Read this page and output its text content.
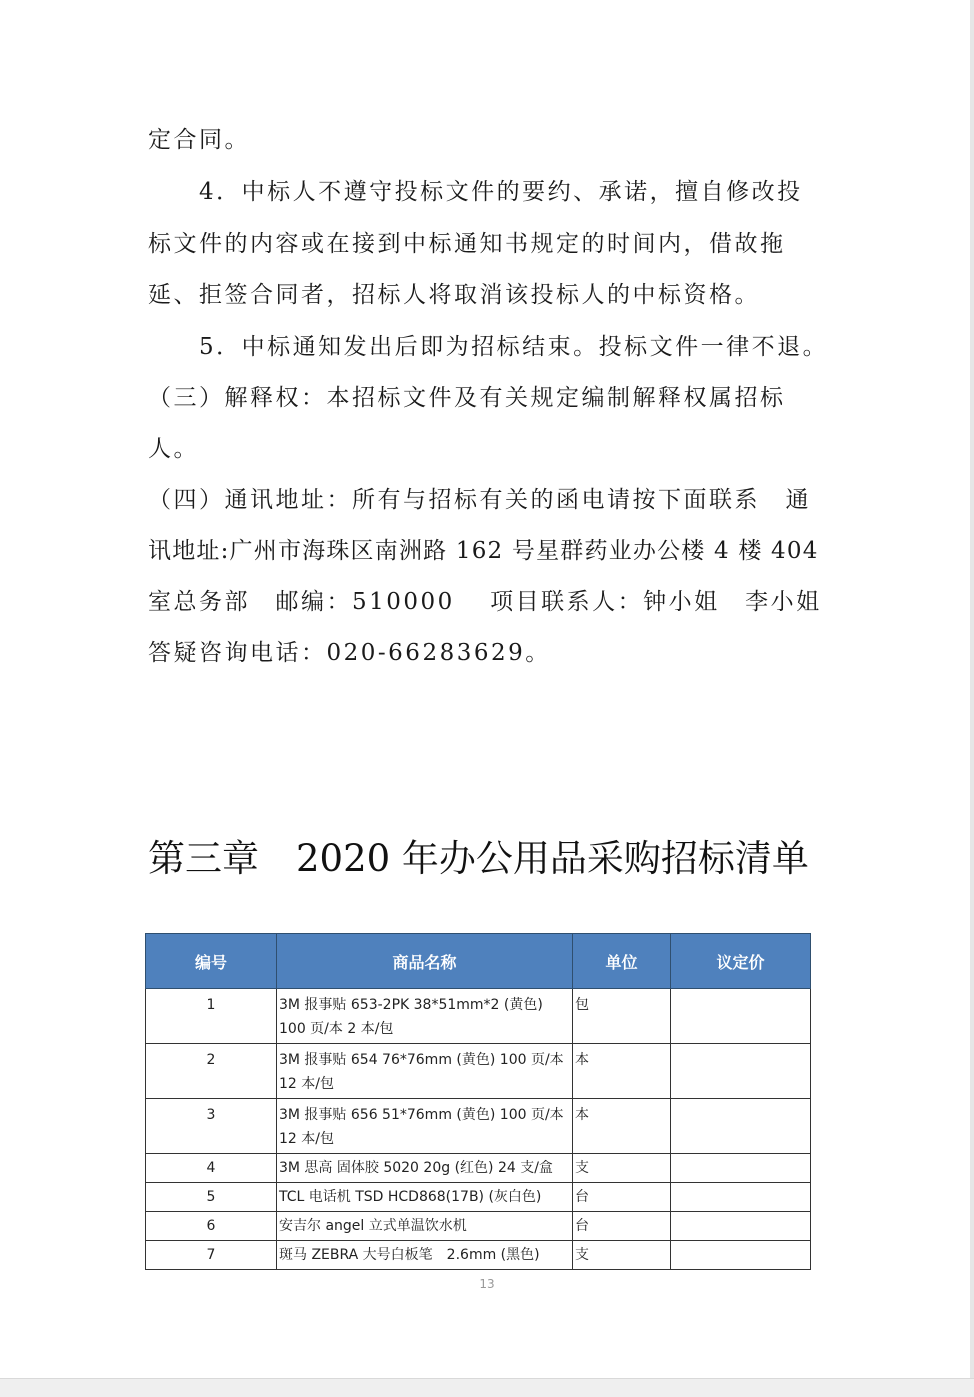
定合同。
　　4．中标人不遵守投标文件的要约、承诺，擅自修改投
标文件的内容或在接到中标通知书规定的时间内，借故拖
延、拒签合同者，招标人将取消该投标人的中标资格。
　　5．中标通知发出后即为招标结束。投标文件一律不退。
（三）解释权：本招标文件及有关规定编制解释权属招标
人。
（四）通讯地址：所有与招标有关的函电请按下面联系　通
讯地址:广州市海珠区南洲路 162 号星群药业办公楼 4 楼 404
室总务部　邮编：510000　 项目联系人：钟小姐　李小姐
答疑咨询电话：020-66283629。
第三章　2020 年办公用品采购招标清单
编号	商品名称	单位	议定价
1	3M 报事贴 653-2PK 38*51mm*2 (黄色)
100 页/本 2 本/包	包	
2	3M 报事贴 654 76*76mm (黄色) 100 页/本
12 本/包	本	
3	3M 报事贴 656 51*76mm (黄色) 100 页/本
12 本/包	本	
4	3M 思高 固体胶 5020 20g (红色) 24 支/盒	支	
5	TCL 电话机 TSD HCD868(17B) (灰白色)	台	
6	安吉尔 angel 立式单温饮水机	台	
7	斑马 ZEBRA 大号白板笔　2.6mm (黑色)	支	
13
